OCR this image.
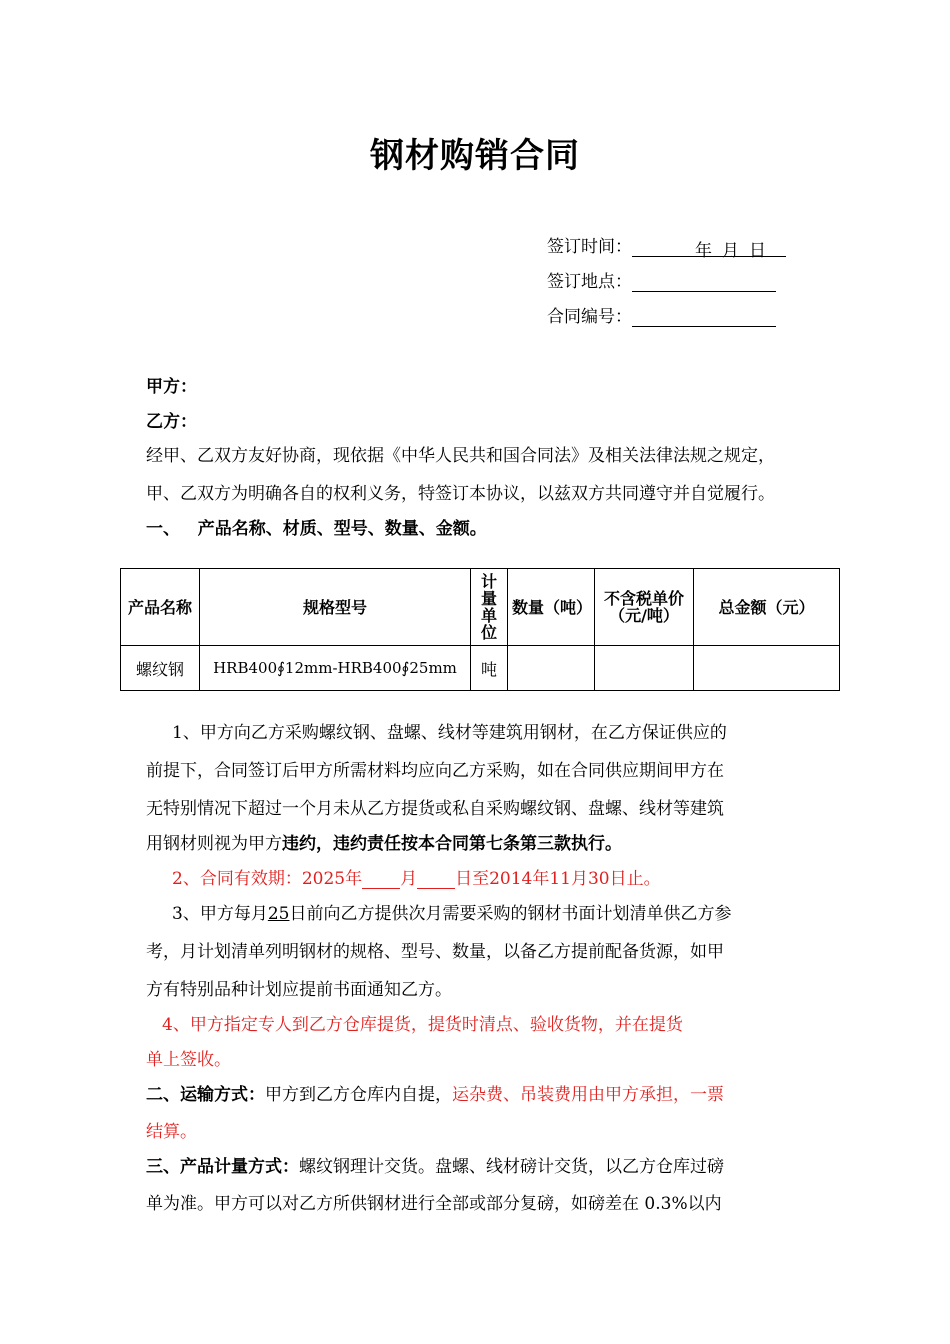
钢材购销合同
签订时间：	年 月 日
签订地点：
合同编号：
甲方：
乙方：
经甲、乙双方友好协商，现依据《中华人民共和国合同法》及相关法律法规之规定，
甲、乙双方为明确各自的权利义务，特签订本协议，以兹双方共同遵守并自觉履行。
一、   产品名称、材质、型号、数量、金额。
产品名称	规格型号	计量单位	数量（吨）	不含税单价（元/吨）	总金额（元）
螺纹钢	HRB400∮12mm-HRB400∮25mm	吨			
1、甲方向乙方采购螺纹钢、盘螺、线材等建筑用钢材，在乙方保证供应的
前提下，合同签订后甲方所需材料均应向乙方采购，如在合同供应期间甲方在
无特别情况下超过一个月未从乙方提货或私自采购螺纹钢、盘螺、线材等建筑
用钢材则视为甲方违约，违约责任按本合同第七条第三款执行。
2、合同有效期：2025年 月 日至2014年11月30日止。
3、甲方每月25日前向乙方提供次月需要采购的钢材书面计划清单供乙方参
考，月计划清单列明钢材的规格、型号、数量，以备乙方提前配备货源，如甲
方有特别品种计划应提前书面通知乙方。
4、甲方指定专人到乙方仓库提货，提货时清点、验收货物，并在提货
单上签收。
二、运输方式：甲方到乙方仓库内自提，运杂费、吊装费用由甲方承担，一票
结算。
三、产品计量方式：螺纹钢理计交货。盘螺、线材磅计交货，以乙方仓库过磅
单为准。甲方可以对乙方所供钢材进行全部或部分复磅，如磅差在 0.3%以内
